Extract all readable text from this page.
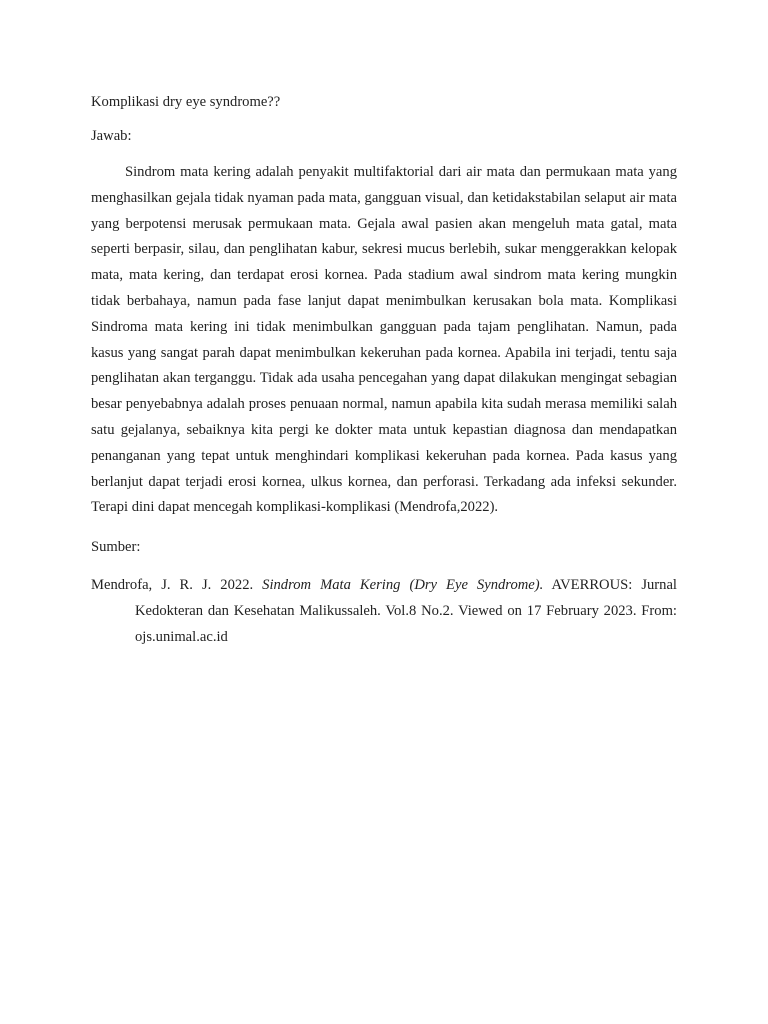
Komplikasi dry eye syndrome??

Jawab:

Sindrom mata kering adalah penyakit multifaktorial dari air mata dan permukaan mata yang menghasilkan gejala tidak nyaman pada mata, gangguan visual, dan ketidakstabilan selaput air mata yang berpotensi merusak permukaan mata. Gejala awal pasien akan mengeluh mata gatal, mata seperti berpasir, silau, dan penglihatan kabur, sekresi mucus berlebih, sukar menggerakkan kelopak mata, mata kering, dan terdapat erosi kornea. Pada stadium awal sindrom mata kering mungkin tidak berbahaya, namun pada fase lanjut dapat menimbulkan kerusakan bola mata. Komplikasi Sindroma mata kering ini tidak menimbulkan gangguan pada tajam penglihatan. Namun, pada kasus yang sangat parah dapat menimbulkan kekeruhan pada kornea. Apabila ini terjadi, tentu saja penglihatan akan terganggu. Tidak ada usaha pencegahan yang dapat dilakukan mengingat sebagian besar penyebabnya adalah proses penuaan normal, namun apabila kita sudah merasa memiliki salah satu gejalanya, sebaiknya kita pergi ke dokter mata untuk kepastian diagnosa dan mendapatkan penanganan yang tepat untuk menghindari komplikasi kekeruhan pada kornea. Pada kasus yang berlanjut dapat terjadi erosi kornea, ulkus kornea, dan perforasi. Terkadang ada infeksi sekunder. Terapi dini dapat mencegah komplikasi-komplikasi (Mendrofa,2022).

Sumber:

Mendrofa, J. R. J. 2022. Sindrom Mata Kering (Dry Eye Syndrome). AVERROUS: Jurnal Kedokteran dan Kesehatan Malikussaleh. Vol.8 No.2. Viewed on 17 February 2023. From: ojs.unimal.ac.id
